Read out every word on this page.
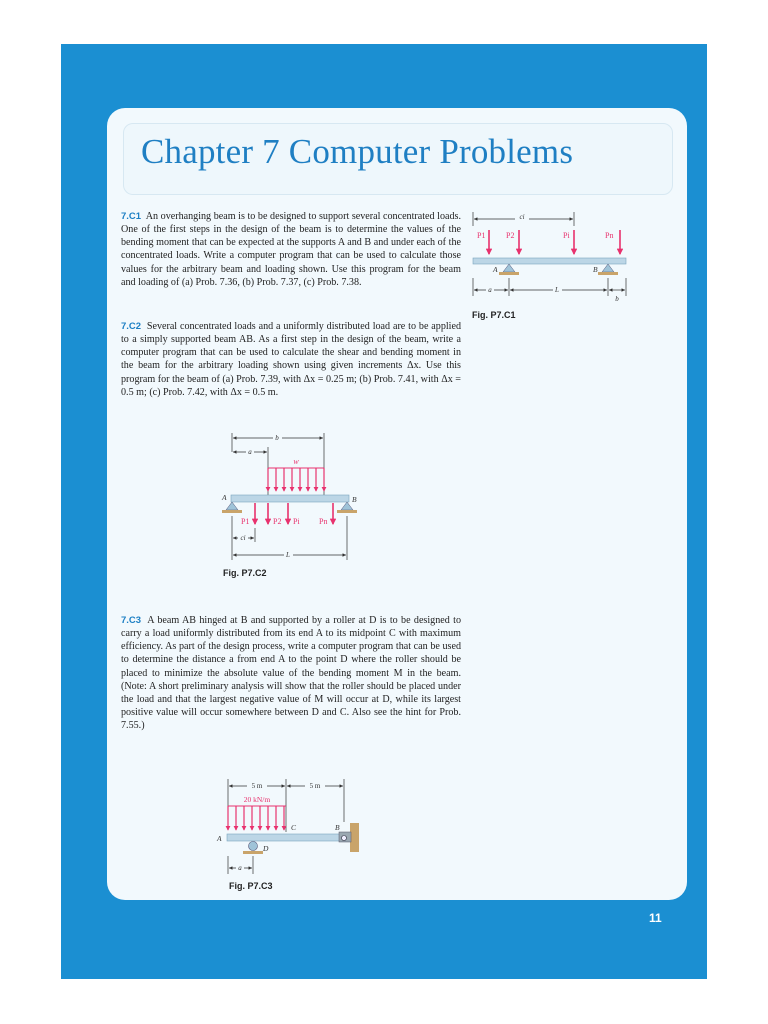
Chapter 7 Computer Problems

7.C1 An overhanging beam is to be designed to support several concentrated loads. One of the first steps in the design of the beam is to determine the values of the bending moment that can be expected at the supports A and B and under each of the concentrated loads. Write a computer program that can be used to calculate those values for the arbitrary beam and loading shown. Use this program for the beam and loading of (a) Prob. 7.36, (b) Prob. 7.37, (c) Prob. 7.38.

7.C2 Several concentrated loads and a uniformly distributed load are to be applied to a simply supported beam AB. As a first step in the design of the beam, write a computer program that can be used to calculate the shear and bending moment in the beam for the arbitrary loading shown using given increments Δx. Use this program for the beam of (a) Prob. 7.39, with Δx = 0.25 m; (b) Prob. 7.41, with Δx = 0.5 m; (c) Prob. 7.42, with Δx = 0.5 m.

7.C3 A beam AB hinged at B and supported by a roller at D is to be designed to carry a load uniformly distributed from its end A to its midpoint C with maximum efficiency. As part of the design process, write a computer program that can be used to determine the distance a from end A to the point D where the roller should be placed to minimize the absolute value of the bending moment M in the beam. (Note: A short preliminary analysis will show that the roller should be placed under the load and that the largest negative value of M will occur at D, while its largest positive value will occur somewhere between D and C. Also see the hint for Prob. 7.55.)

ci
P1	P2	Pi	Pn
A	B
a	L
b

Fig. P7.C1

b
a
w
A	B
P1	P2 Pi Pn
ci
L

Fig. P7.C2

5 m	5 m
20 kN/m
C	B
A
D
a

Fig. P7.C3

11
